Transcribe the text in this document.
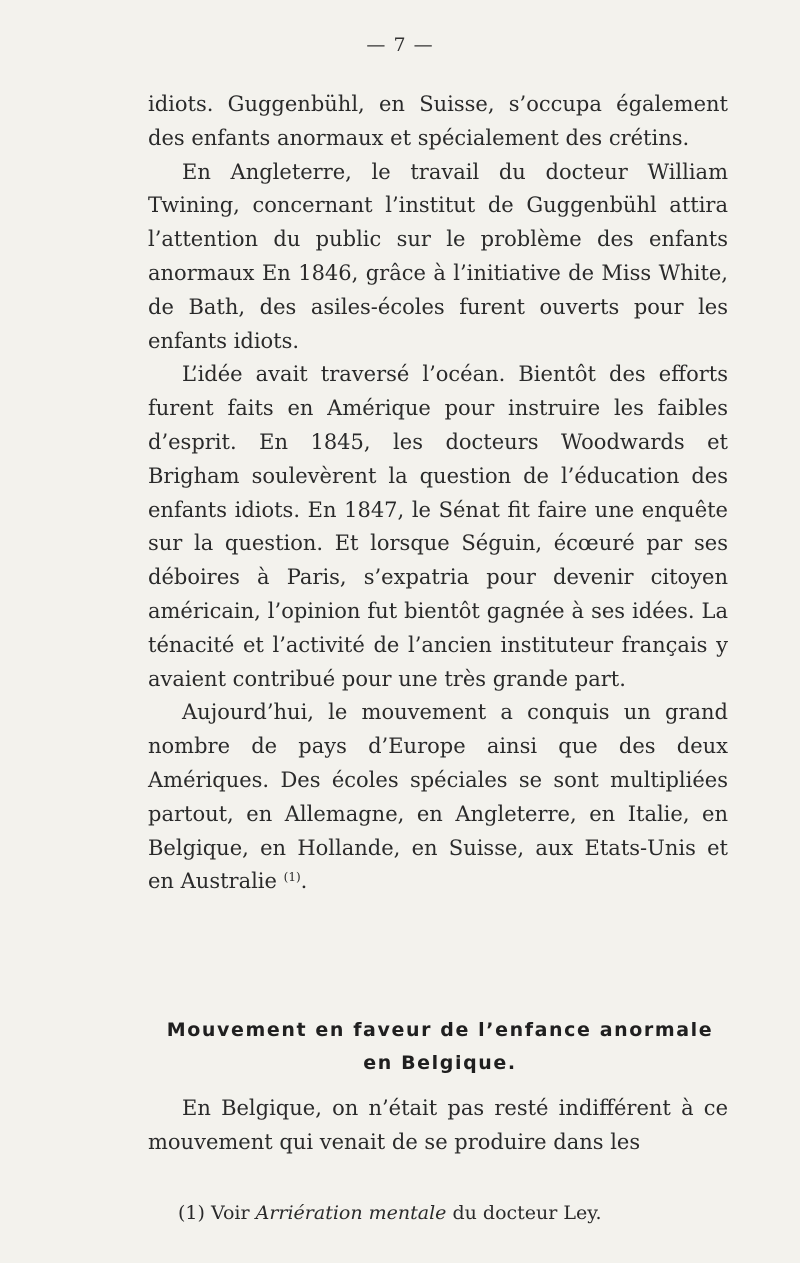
— 7 —

idiots. Guggenbühl, en Suisse, s’occupa également des enfants anormaux et spécialement des crétins.

En Angleterre, le travail du docteur William Twining, concernant l’institut de Guggenbühl attira l’attention du public sur le problème des enfants anormaux En 1846, grâce à l’initiative de Miss White, de Bath, des asiles-écoles furent ouverts pour les enfants idiots.

L’idée avait traversé l’océan. Bientôt des efforts furent faits en Amérique pour instruire les faibles d’esprit. En 1845, les docteurs Woodwards et Brigham soulevèrent la question de l’éducation des enfants idiots. En 1847, le Sénat fit faire une enquête sur la question. Et lorsque Séguin, écœuré par ses déboires à Paris, s’expatria pour devenir citoyen américain, l’opinion fut bientôt gagnée à ses idées. La ténacité et l’activité de l’ancien instituteur français y avaient contribué pour une très grande part.

Aujourd’hui, le mouvement a conquis un grand nombre de pays d’Europe ainsi que des deux Amériques. Des écoles spéciales se sont multipliées partout, en Allemagne, en Angleterre, en Italie, en Belgique, en Hollande, en Suisse, aux Etats-Unis et en Australie $^{(1)}$.

Mouvement en faveur de l’enfance anormale
en Belgique.

En Belgique, on n’était pas resté indifférent à ce mouvement qui venait de se produire dans les

(1) Voir Arriération mentale du docteur Ley.
